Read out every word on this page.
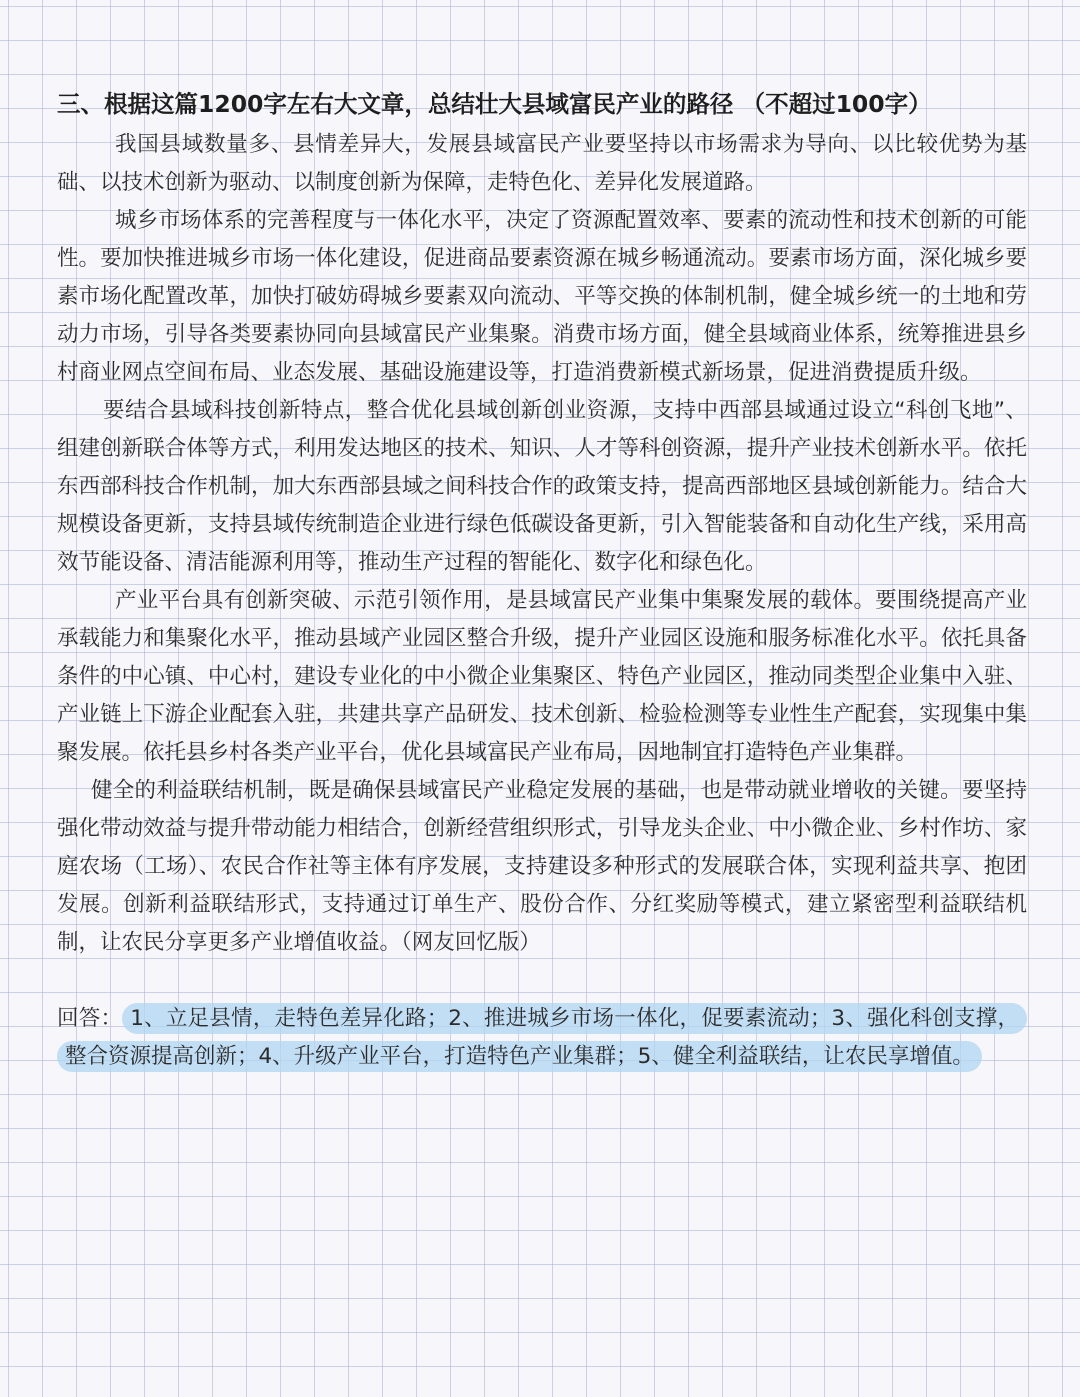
三、根据这篇1200字左右大文章，总结壮大县域富民产业的路径 （不超过100字）

我国县域数量多、县情差异大，发展县域富民产业要坚持以市场需求为导向、以比较优势为基础、以技术创新为驱动、以制度创新为保障，走特色化、差异化发展道路。

城乡市场体系的完善程度与一体化水平，决定了资源配置效率、要素的流动性和技术创新的可能性。要加快推进城乡市场一体化建设，促进商品要素资源在城乡畅通流动。要素市场方面，深化城乡要素市场化配置改革，加快打破妨碍城乡要素双向流动、平等交换的体制机制，健全城乡统一的土地和劳动力市场，引导各类要素协同向县域富民产业集聚。消费市场方面，健全县域商业体系，统筹推进县乡村商业网点空间布局、业态发展、基础设施建设等，打造消费新模式新场景，促进消费提质升级。

要结合县域科技创新特点，整合优化县域创新创业资源，支持中西部县域通过设立“科创飞地”、组建创新联合体等方式，利用发达地区的技术、知识、人才等科创资源，提升产业技术创新水平。依托东西部科技合作机制，加大东西部县域之间科技合作的政策支持，提高西部地区县域创新能力。结合大规模设备更新，支持县域传统制造企业进行绿色低碳设备更新，引入智能装备和自动化生产线，采用高效节能设备、清洁能源利用等，推动生产过程的智能化、数字化和绿色化。

产业平台具有创新突破、示范引领作用，是县域富民产业集中集聚发展的载体。要围绕提高产业承载能力和集聚化水平，推动县域产业园区整合升级，提升产业园区设施和服务标准化水平。依托具备条件的中心镇、中心村，建设专业化的中小微企业集聚区、特色产业园区，推动同类型企业集中入驻、产业链上下游企业配套入驻，共建共享产品研发、技术创新、检验检测等专业性生产配套，实现集中集聚发展。依托县乡村各类产业平台，优化县域富民产业布局，因地制宜打造特色产业集群。

健全的利益联结机制，既是确保县域富民产业稳定发展的基础，也是带动就业增收的关键。要坚持强化带动效益与提升带动能力相结合，创新经营组织形式，引导龙头企业、中小微企业、乡村作坊、家庭农场（工场）、农民合作社等主体有序发展，支持建设多种形式的发展联合体，实现利益共享、抱团发展。创新利益联结形式，支持通过订单生产、股份合作、分红奖励等模式，建立紧密型利益联结机制，让农民分享更多产业增值收益。（网友回忆版）

回答： 1、立足县情，走特色差异化路；2、推进城乡市场一体化，促要素流动；3、强化科创支撑，整合资源提高创新；4、升级产业平台，打造特色产业集群；5、健全利益联结，让农民享增值。
